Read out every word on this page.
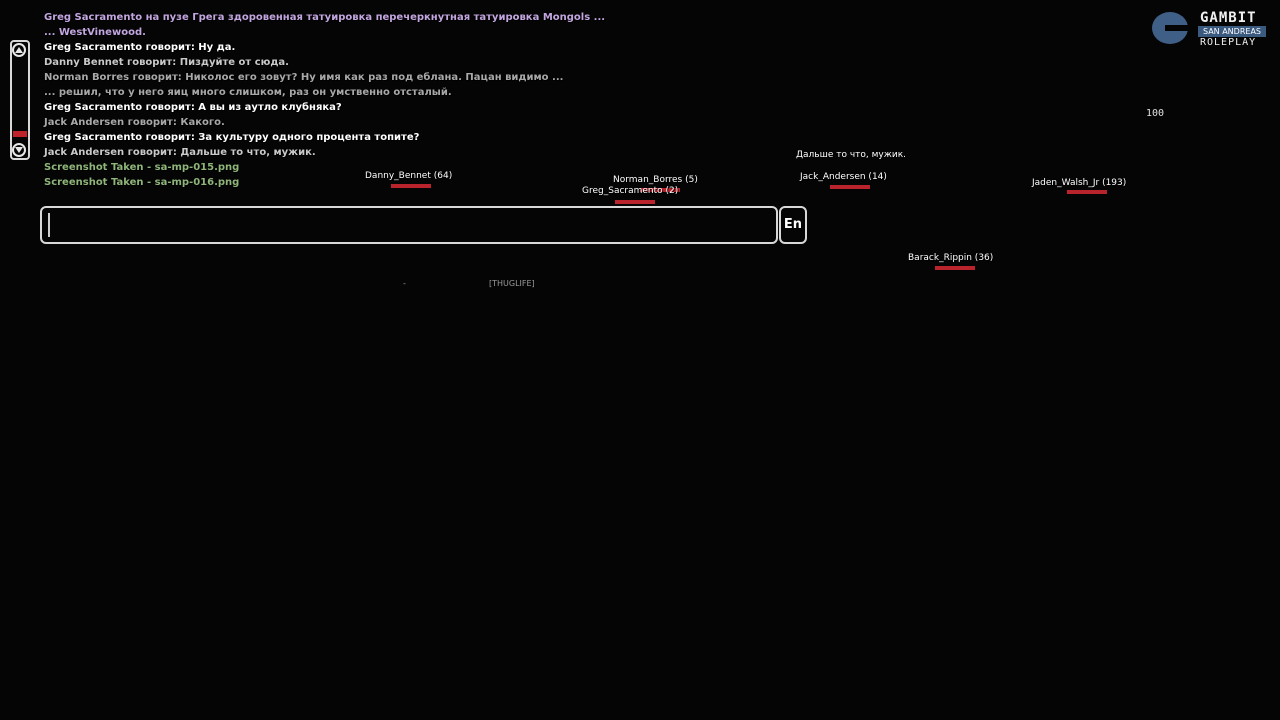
Greg Sacramento на пузе Грега здоровенная татуировка перечеркнутная татуировка Mongols ...
... WestVinewood.
Greg Sacramento говорит: Ну да.
Danny Bennet говорит: Пиздуйте от сюда.
Norman Borres говорит: Николос его зовут? Ну имя как раз под еблана. Пацан видимо ...
... решил, что у него яиц много слишком, раз он умственно отсталый.
Greg Sacramento говорит: А вы из аутло клубняка?
Jack Andersen говорит: Какого.
Greg Sacramento говорит: За культуру одного процента топите?
Jack Andersen говорит: Дальше то что, мужик.
Screenshot Taken - sa-mp-015.png
Screenshot Taken - sa-mp-016.png
GAMBIT
SAN ANDREAS
ROLEPLAY
100
Дальше то что, мужик.
Danny_Bennet (64)	Norman_Borres (5)
Greg_Sacramento (2)
Jack_Andersen (14)
Jaden_Walsh_Jr (193)
Barack_Rippin (36)
En
-	[THUGLIFE]
